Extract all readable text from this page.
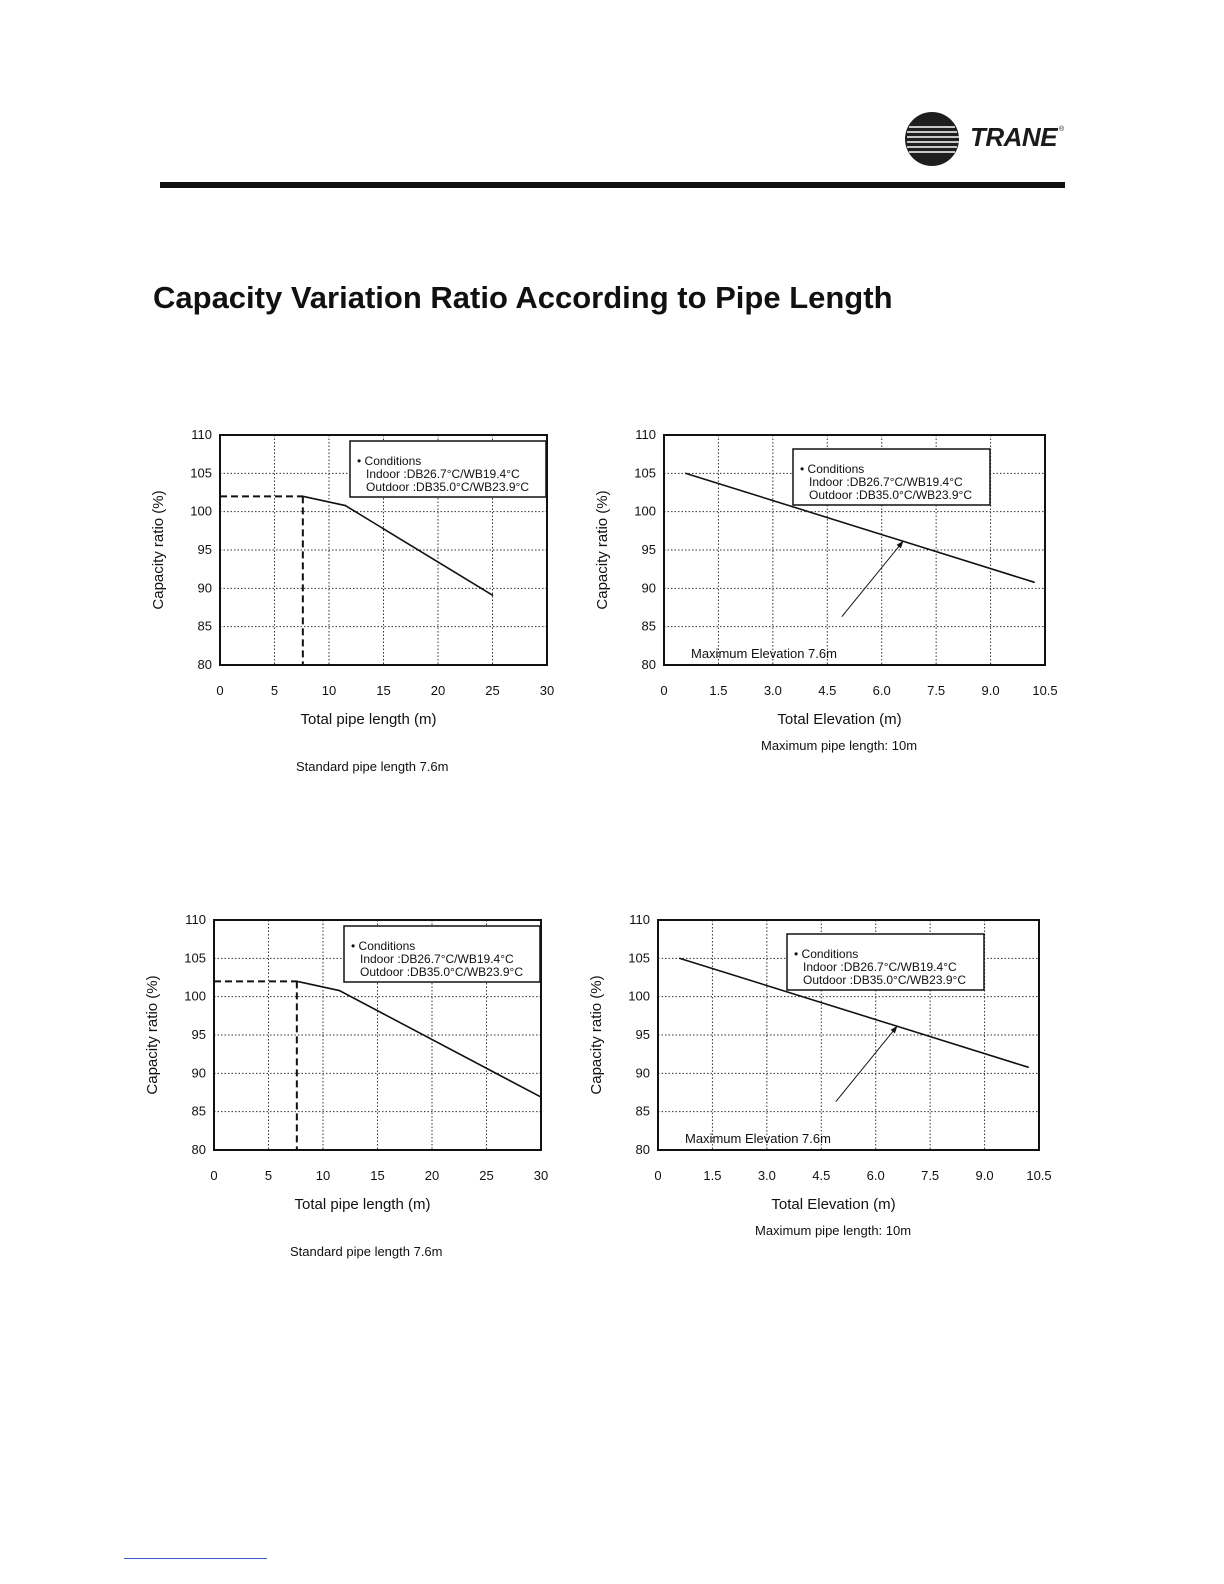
TRANE ®
Capacity Variation Ratio According to Pipe Length
110
105
100
95
90
85
80
0	5	10	15	20	25	30
Total pipe length (m)
Capacity ratio (%)
• Conditions
Indoor :DB26.7°C/WB19.4°C
Outdoor :DB35.0°C/WB23.9°C
Standard pipe length 7.6m
110
105
100
95
90
85
80
0	1.5	3.0	4.5	6.0	7.5	9.0	10.5
Total Elevation (m)
Capacity ratio (%)
Maximum Elevation 7.6m
• Conditions
Indoor :DB26.7°C/WB19.4°C
Outdoor :DB35.0°C/WB23.9°C
Maximum pipe length: 10m
110
105
100
95
90
85
80
0	5	10	15	20	25	30
Total pipe length (m)
Capacity ratio (%)
• Conditions
Indoor :DB26.7°C/WB19.4°C
Outdoor :DB35.0°C/WB23.9°C
Standard pipe length 7.6m
110
105
100
95
90
85
80
0	1.5	3.0	4.5	6.0	7.5	9.0	10.5
Total Elevation (m)
Capacity ratio (%)
Maximum Elevation 7.6m
• Conditions
Indoor :DB26.7°C/WB19.4°C
Outdoor :DB35.0°C/WB23.9°C
Maximum pipe length: 10m
